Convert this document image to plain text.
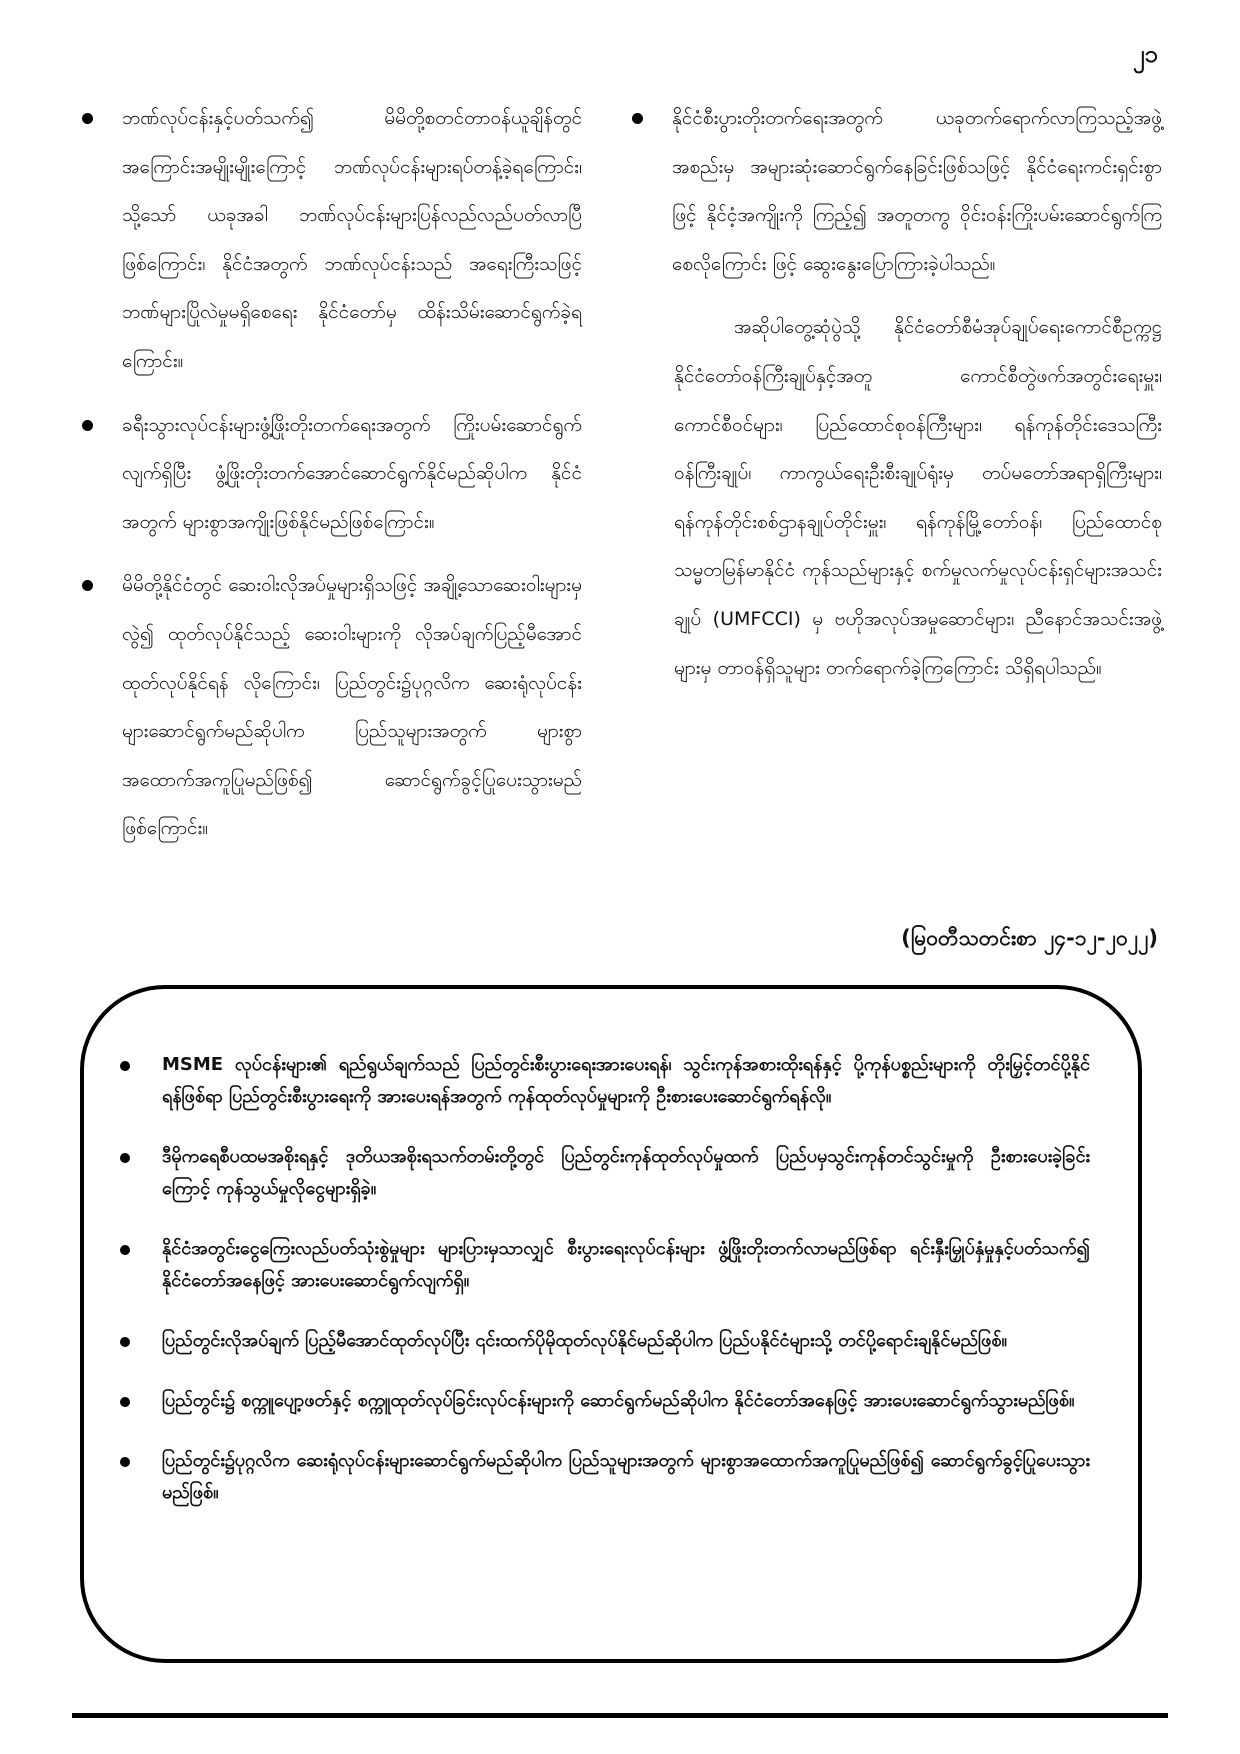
၂၁
ဘဏ်လုပ်ငန်းနှင့်ပတ်သက်၍ မိမိတို့စတင်တာဝန်ယူချိန်တွင် အကြောင်းအမျိုးမျိုးကြောင့် ဘဏ်လုပ်ငန်းများရပ်တန့်ခဲ့ရကြောင်း၊ သို့သော် ယခုအခါ ဘဏ်လုပ်ငန်းများပြန်လည်လည်ပတ်လာပြီဖြစ်ကြောင်း၊ နိုင်ငံအတွက် ဘဏ်လုပ်ငန်းသည် အရေးကြီးသဖြင့် ဘဏ်များပြိုလဲမှုမရှိစေရေး နိုင်ငံတော်မှ ထိန်းသိမ်းဆောင်ရွက်ခဲ့ရကြောင်း။
ခရီးသွားလုပ်ငန်းများဖွံ့ဖြိုးတိုးတက်ရေးအတွက် ကြိုးပမ်းဆောင်ရွက်လျက်ရှိပြီး ဖွံ့ဖြိုးတိုးတက်အောင်ဆောင်ရွက်နိုင်မည်ဆိုပါက နိုင်ငံအတွက် များစွာအကျိုးဖြစ်နိုင်မည်ဖြစ်ကြောင်း။
မိမိတို့နိုင်ငံတွင် ဆေးဝါးလိုအပ်မှုများရှိသဖြင့် အချို့သောဆေးဝါးများမှလွဲ၍ ထုတ်လုပ်နိုင်သည့် ဆေးဝါးများကို လိုအပ်ချက်ပြည့်မီအောင် ထုတ်လုပ်နိုင်ရန် လိုကြောင်း၊ ပြည်တွင်း၌ပုဂ္ဂလိက ဆေးရုံလုပ်ငန်းများဆောင်ရွက်မည်ဆိုပါက ပြည်သူများအတွက် များစွာအထောက်အကူပြုမည်ဖြစ်၍ ဆောင်ရွက်ခွင့်ပြုပေးသွားမည်ဖြစ်ကြောင်း။
နိုင်ငံစီးပွားတိုးတက်ရေးအတွက် ယခုတက်ရောက်လာကြသည့်အဖွဲ့အစည်းမှ အများဆုံးဆောင်ရွက်နေခြင်းဖြစ်သဖြင့် နိုင်ငံရေးကင်းရှင်းစွာဖြင့် နိုင်ငံ့အကျိုးကို ကြည့်၍ အတူတကွ ဝိုင်းဝန်းကြိုးပမ်းဆောင်ရွက်ကြစေလိုကြောင်း ဖြင့် ဆွေးနွေးပြောကြားခဲ့ပါသည်။

အဆိုပါတွေ့ဆုံပွဲသို့ နိုင်ငံတော်စီမံအုပ်ချုပ်ရေးကောင်စီဥက္ကဋ္ဌ နိုင်ငံတော်ဝန်ကြီးချုပ်နှင့်အတူ ကောင်စီတွဲဖက်အတွင်းရေးမှူး၊ ကောင်စီဝင်များ၊ ပြည်ထောင်စုဝန်ကြီးများ၊ ရန်ကုန်တိုင်းဒေသကြီးဝန်ကြီးချုပ်၊ ကာကွယ်ရေးဦးစီးချုပ်ရုံးမှ တပ်မတော်အရာရှိကြီးများ၊ ရန်ကုန်တိုင်းစစ်ဌာနချုပ်တိုင်းမှူး၊ ရန်ကုန်မြို့တော်ဝန်၊ ပြည်ထောင်စုသမ္မတမြန်မာနိုင်ငံ ကုန်သည်များနှင့် စက်မှုလက်မှုလုပ်ငန်းရှင်များအသင်းချုပ် (UMFCCI) မှ ဗဟိုအလုပ်အမှုဆောင်များ၊ ညီနောင်အသင်းအဖွဲ့များမှ တာဝန်ရှိသူများ တက်ရောက်ခဲ့ကြကြောင်း သိရှိရပါသည်။

(မြဝတီသတင်းစာ ၂၄-၁၂-၂၀၂၂)
MSME လုပ်ငန်းများ၏ ရည်ရွယ်ချက်သည် ပြည်တွင်းစီးပွားရေးအားပေးရန်၊ သွင်းကုန်အစားထိုးရန်နှင့် ပို့ကုန်ပစ္စည်းများကို တိုးမြှင့်တင်ပို့နိုင်ရန်ဖြစ်ရာ ပြည်တွင်းစီးပွားရေးကို အားပေးရန်အတွက် ကုန်ထုတ်လုပ်မှုများကို ဦးစားပေးဆောင်ရွက်ရန်လို။
ဒီမိုကရေစီပထမအစိုးရနှင့် ဒုတိယအစိုးရသက်တမ်းတို့တွင် ပြည်တွင်းကုန်ထုတ်လုပ်မှုထက် ပြည်ပမှသွင်းကုန်တင်သွင်းမှုကို ဦးစားပေးခဲ့ခြင်းကြောင့် ကုန်သွယ်မှုလိုငွေများရှိခဲ့။
နိုင်ငံအတွင်းငွေကြေးလည်ပတ်သုံးစွဲမှုများ များပြားမှသာလျှင် စီးပွားရေးလုပ်ငန်းများ ဖွံ့ဖြိုးတိုးတက်လာမည်ဖြစ်ရာ ရင်းနှီးမြှုပ်နှံမှုနှင့်ပတ်သက်၍ နိုင်ငံတော်အနေဖြင့် အားပေးဆောင်ရွက်လျက်ရှိ။
ပြည်တွင်းလိုအပ်ချက် ပြည့်မီအောင်ထုတ်လုပ်ပြီး ၎င်းထက်ပိုမိုထုတ်လုပ်နိုင်မည်ဆိုပါက ပြည်ပနိုင်ငံများသို့ တင်ပို့ရောင်းချနိုင်မည်ဖြစ်။
ပြည်တွင်း၌ စက္ကူပျော့ဖတ်နှင့် စက္ကူထုတ်လုပ်ခြင်းလုပ်ငန်းများကို ဆောင်ရွက်မည်ဆိုပါက နိုင်ငံတော်အနေဖြင့် အားပေးဆောင်ရွက်သွားမည်ဖြစ်။
ပြည်တွင်း၌ပုဂ္ဂလိက ဆေးရုံလုပ်ငန်းများဆောင်ရွက်မည်ဆိုပါက ပြည်သူများအတွက် များစွာအထောက်အကူပြုမည်ဖြစ်၍ ဆောင်ရွက်ခွင့်ပြုပေးသွားမည်ဖြစ်။
